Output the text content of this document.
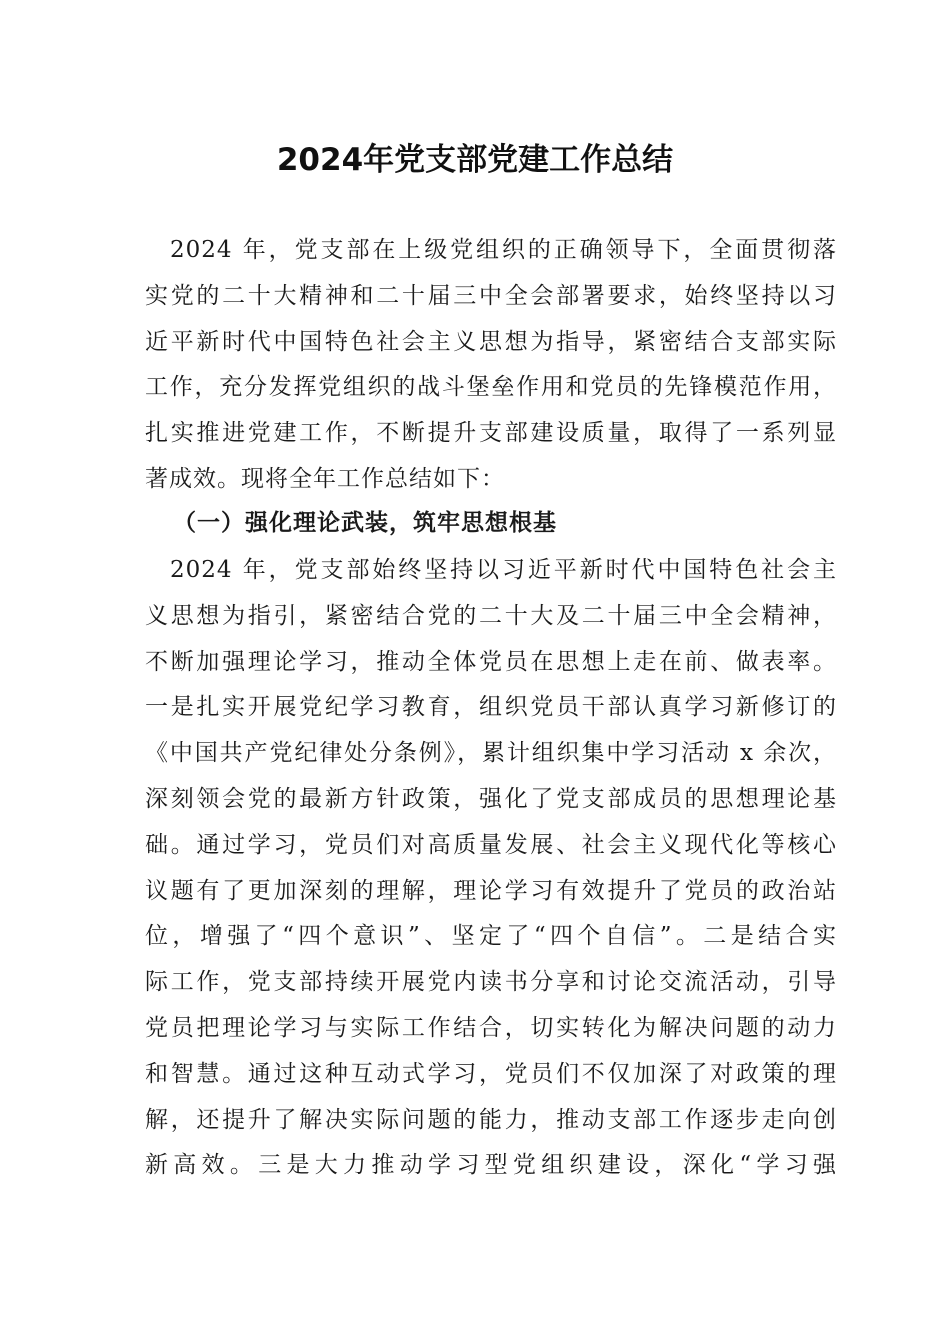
2024年党支部党建工作总结
2024 年，党支部在上级党组织的正确领导下，全面贯彻落
实党的二十大精神和二十届三中全会部署要求，始终坚持以习
近平新时代中国特色社会主义思想为指导，紧密结合支部实际
工作，充分发挥党组织的战斗堡垒作用和党员的先锋模范作用，
扎实推进党建工作，不断提升支部建设质量，取得了一系列显
著成效。现将全年工作总结如下：
（一）强化理论武装，筑牢思想根基
2024 年，党支部始终坚持以习近平新时代中国特色社会主
义思想为指引，紧密结合党的二十大及二十届三中全会精神，
不断加强理论学习，推动全体党员在思想上走在前、做表率。
一是扎实开展党纪学习教育，组织党员干部认真学习新修订的
《中国共产党纪律处分条例》，累计组织集中学习活动 x 余次，
深刻领会党的最新方针政策，强化了党支部成员的思想理论基
础。通过学习，党员们对高质量发展、社会主义现代化等核心
议题有了更加深刻的理解，理论学习有效提升了党员的政治站
位，增强了“四个意识”、坚定了“四个自信”。二是结合实
际工作，党支部持续开展党内读书分享和讨论交流活动，引导
党员把理论学习与实际工作结合，切实转化为解决问题的动力
和智慧。通过这种互动式学习，党员们不仅加深了对政策的理
解，还提升了解决实际问题的能力，推动支部工作逐步走向创
新高效。三是大力推动学习型党组织建设，深化“学习强
